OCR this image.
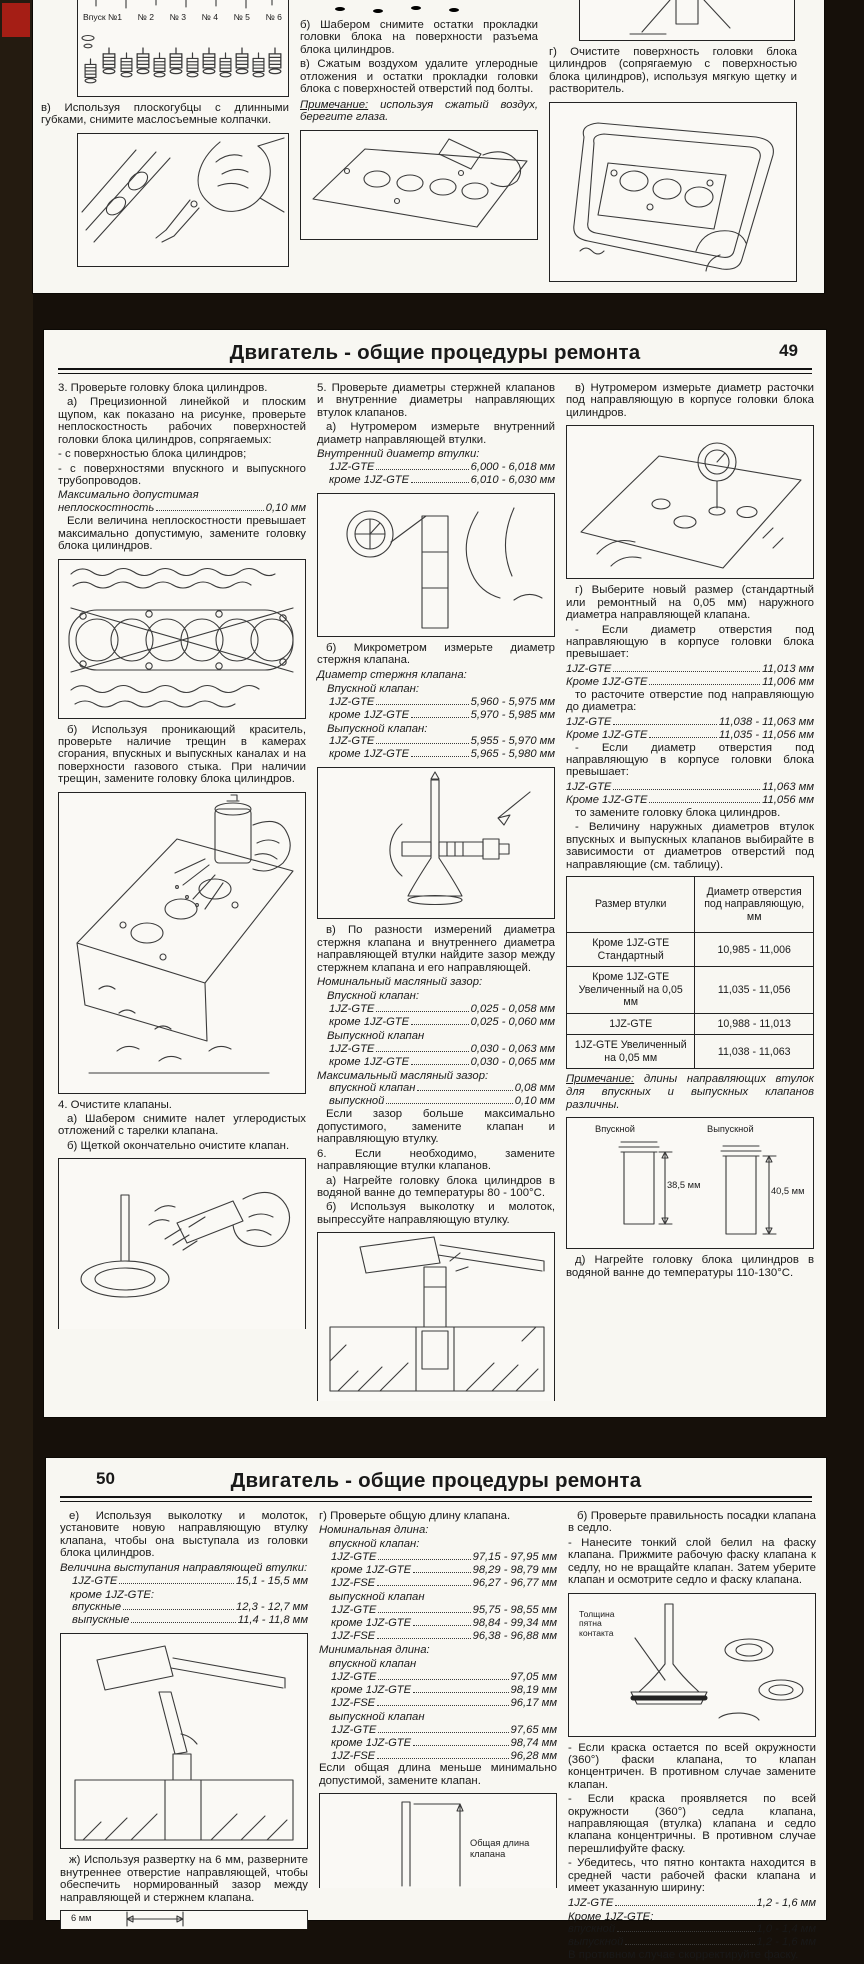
Впуск №1 № 2 № 3 № 4 № 5 № 6

в) Используя плоскогубцы с длинными губками, снимите маслосъемные колпачки.

б) Шабером снимите остатки прокладки головки блока на поверхности разъема блока цилиндров.

в) Сжатым воздухом удалите углеродные отложения и остатки прокладки головки блока с поверхностей отверстий под болты.

Примечание: используя сжатый воздух, берегите глаза.

г) Очистите поверхность головки блока цилиндров (сопрягаемую с поверхностью блока цилиндров), используя мягкую щетку и растворитель.

Двигатель - общие процедуры ремонта	49

3. Проверьте головку блока цилиндров.

а) Прецизионной линейкой и плоским щупом, как показано на рисунке, проверьте неплоскостность рабочих поверхностей головки блока цилиндров, сопрягаемых:

- с поверхностью блока цилиндров;

- с поверхностями впускного и выпускного трубопроводов.

Максимально допустимая

неплоскостность	0,10 мм

Если величина неплоскостности превышает максимально допустимую, замените головку блока цилиндров.

б) Используя проникающий краситель, проверьте наличие трещин в камерах сгорания, впускных и выпускных каналах и на поверхности газового стыка. При наличии трещин, замените головку блока цилиндров.

4. Очистите клапаны.

а) Шабером снимите налет углеродистых отложений с тарелки клапана.

б) Щеткой окончательно очистите клапан.

5. Проверьте диаметры стержней клапанов и внутренние диаметры направляющих втулок клапанов.

а) Нутромером измерьте внутренний диаметр направляющей втулки.

Внутренний диаметр втулки:

1JZ-GTE	6,000 - 6,018 мм
кроме 1JZ-GTE	6,010 - 6,030 мм

б) Микрометром измерьте диаметр стержня клапана.

Диаметр стержня клапана:

Впускной клапан:

1JZ-GTE	5,960 - 5,975 мм
кроме 1JZ-GTE	5,970 - 5,985 мм

Выпускной клапан:

1JZ-GTE	5,955 - 5,970 мм
кроме 1JZ-GTE	5,965 - 5,980 мм

в) По разности измерений диаметра стержня клапана и внутреннего диаметра направляющей втулки найдите зазор между стержнем клапана и его направляющей.

Номинальный масляный зазор:

Впускной клапан:

1JZ-GTE	0,025 - 0,058 мм
кроме 1JZ-GTE	0,025 - 0,060 мм

Выпускной клапан

1JZ-GTE	0,030 - 0,063 мм
кроме 1JZ-GTE	0,030 - 0,065 мм

Максимальный масляный зазор:

впускной клапан	0,08 мм
выпускной	0,10 мм

Если зазор больше максимально допустимого, замените клапан и направляющую втулку.

6. Если необходимо, замените направляющие втулки клапанов.

а) Нагрейте головку блока цилиндров в водяной ванне до температуры 80 - 100°С.

б) Используя выколотку и молоток, выпрессуйте направляющую втулку.

в) Нутромером измерьте диаметр расточки под направляющую в корпусе головки блока цилиндров.

г) Выберите новый размер (стандартный или ремонтный на 0,05 мм) наружного диаметра направляющей клапана.

- Если диаметр отверстия под направляющую в корпусе головки блока превышает:

1JZ-GTE	11,013 мм
Кроме 1JZ-GTE	11,006 мм

то расточите отверстие под направляющую до диаметра:

1JZ-GTE	11,038 - 11,063 мм
Кроме 1JZ-GTE	11,035 - 11,056 мм

- Если диаметр отверстия под направляющую в корпусе головки блока превышает:

1JZ-GTE	11,063 мм
Кроме 1JZ-GTE	11,056 мм

то замените головку блока цилиндров.

- Величину наружных диаметров втулок впускных и выпускных клапанов выбирайте в зависимости от диаметров отверстий под направляющие (см. таблицу).

Размер втулки	Диаметр отверстия под направляющую, мм
Кроме 1JZ-GTE Стандартный	10,985 - 11,006
Кроме 1JZ-GTE Увеличенный на 0,05 мм	11,035 - 11,056
1JZ-GTE	10,988 - 11,013
1JZ-GTE Увеличенный на 0,05 мм	11,038 - 11,063

Примечание: длины направляющих втулок для впускных и выпускных клапанов различны.

Впускной	Выпускной
38,5 мм
40,5 мм

д) Нагрейте головку блока цилиндров в водяной ванне до температуры 110-130°С.

Двигатель - общие процедуры ремонта
50

е) Используя выколотку и молоток, установите новую направляющую втулку клапана, чтобы она выступала из головки блока цилиндров.

Величина выступания направляющей втулки:

1JZ-GTE	15,1 - 15,5 мм

кроме 1JZ-GTE:

впускные	12,3 - 12,7 мм
выпускные	11,4 - 11,8 мм

ж) Используя развертку на 6 мм, разверните внутреннее отверстие направляющей, чтобы обеспечить нормированный зазор между направляющей и стержнем клапана.

6 мм

г) Проверьте общую длину клапана.

Номинальная длина:

впускной клапан:

1JZ-GTE	97,15 - 97,95 мм
кроме 1JZ-GTE	98,29 - 98,79 мм
1JZ-FSE	96,27 - 96,77 мм

выпускной клапан

1JZ-GTE	95,75 - 98,55 мм
кроме 1JZ-GTE	98,84 - 99,34 мм
1JZ-FSE	96,38 - 96,88 мм

Минимальная длина:

впускной клапан

1JZ-GTE	97,05 мм
кроме 1JZ-GTE	98,19 мм
1JZ-FSE	96,17 мм

выпускной клапан

1JZ-GTE	97,65 мм
кроме 1JZ-GTE	98,74 мм
1JZ-FSE	96,28 мм

Если общая длина меньше минимально допустимой, замените клапан.

Общая длина клапана

б) Проверьте правильность посадки клапана в седло.

- Нанесите тонкий слой белил на фаску клапана. Прижмите рабочую фаску клапана к седлу, но не вращайте клапан. Затем уберите клапан и осмотрите седло и фаску клапана.

Толщина пятна контакта

- Если краска остается по всей окружности (360°) фаски клапана, то клапан концентричен. В противном случае замените клапан.

- Если краска проявляется по всей окружности (360°) седла клапана, направляющая (втулка) клапана и седло клапана концентричны. В противном случае перешлифуйте фаску.

- Убедитесь, что пятно контакта находится в средней части рабочей фаски клапана и имеет указанную ширину:

1JZ-GTE	1,2 - 1,6 мм

Кроме 1JZ-GTE:

впускной	1,0 - 1,4 мм
выпускной	1,2 - 1,6 мм

В противном случае скорректируйте фаску.
